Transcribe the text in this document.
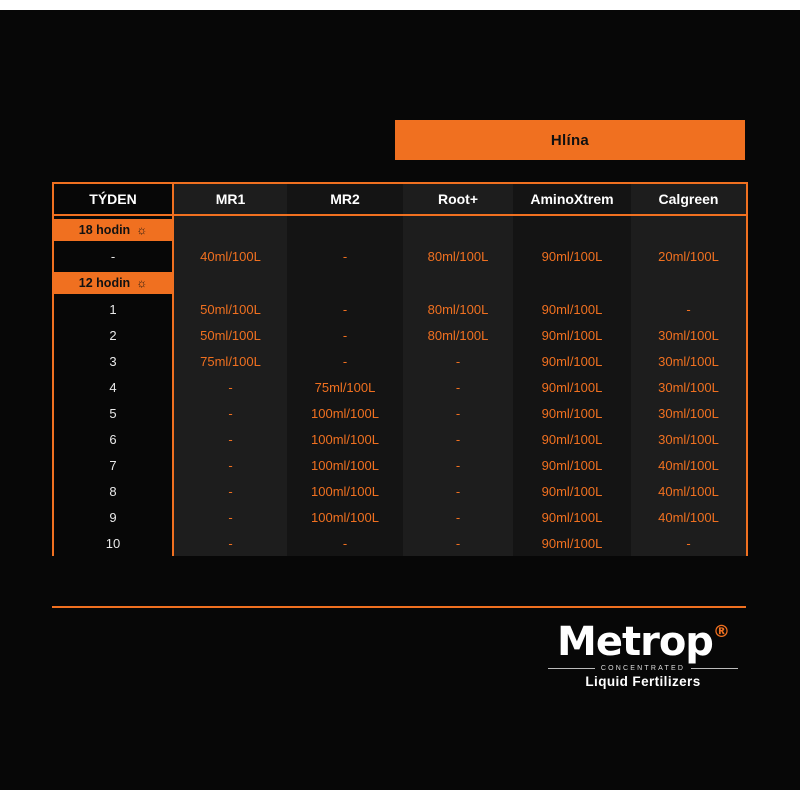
Hlína
TÝDEN	MR1	MR2	Root+	AminoXtrem	Calgreen

18 hodin ☼					

-	40ml/100L	-	80ml/100L	90ml/100L	20ml/100L

12 hodin ☼					

1	50ml/100L	-	80ml/100L	90ml/100L	-
2	50ml/100L	-	80ml/100L	90ml/100L	30ml/100L
3	75ml/100L	-	-	90ml/100L	30ml/100L
4	-	75ml/100L	-	90ml/100L	30ml/100L
5	-	100ml/100L	-	90ml/100L	30ml/100L
6	-	100ml/100L	-	90ml/100L	30ml/100L
7	-	100ml/100L	-	90ml/100L	40ml/100L
8	-	100ml/100L	-	90ml/100L	40ml/100L
9	-	100ml/100L	-	90ml/100L	40ml/100L
10	-	-	-	90ml/100L	-
Metrop®
CONCENTRATED
Liquid Fertilizers
